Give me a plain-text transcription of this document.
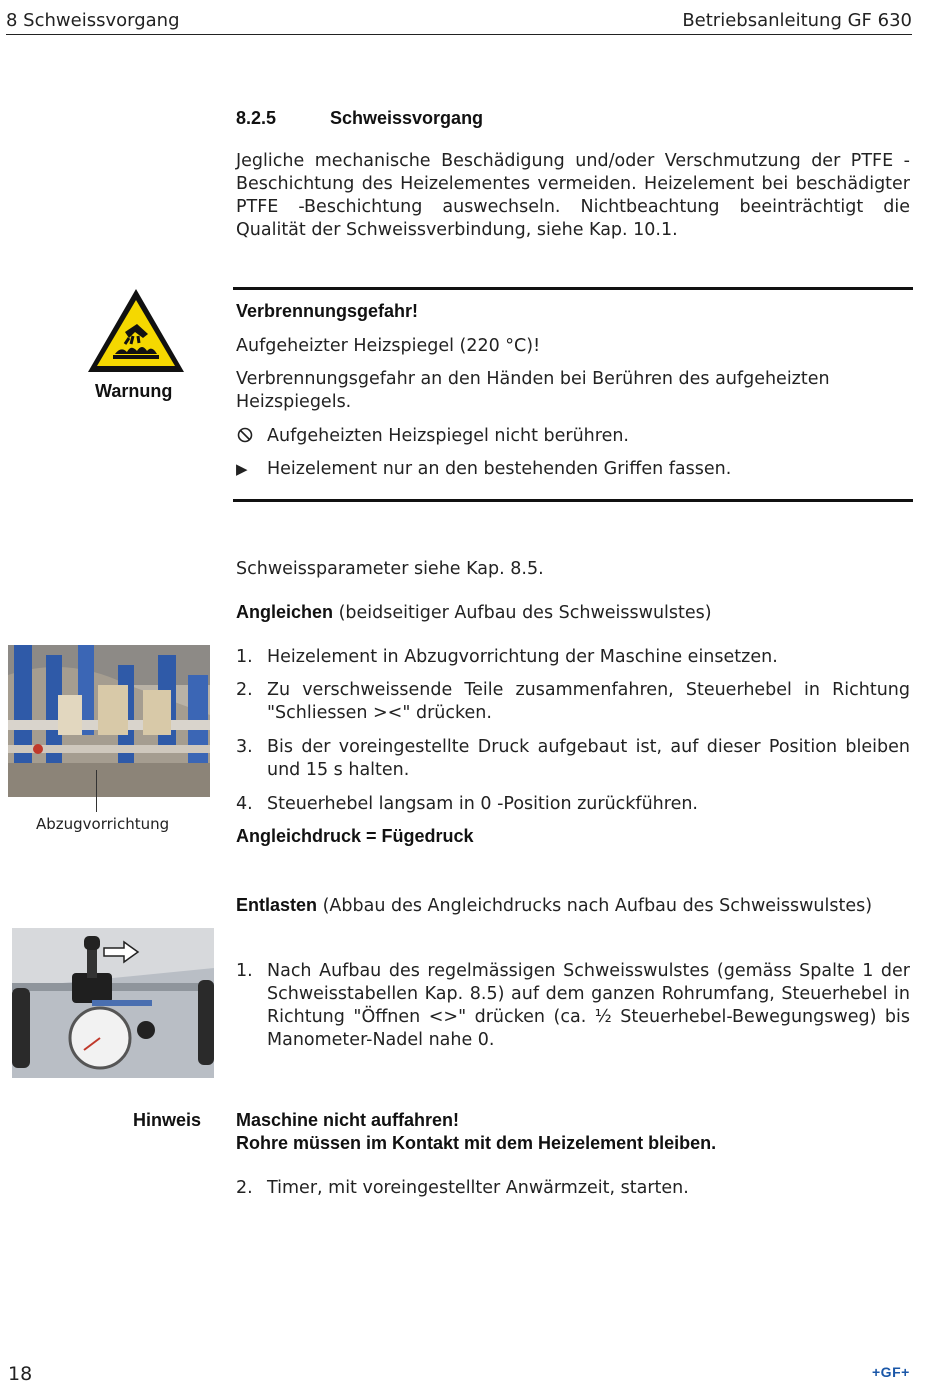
8 Schweissvorgang	Betriebsanleitung GF 630
8.2.5	Schweissvorgang
Jegliche mechanische Beschädigung und/oder Verschmutzung der PTFE -Beschichtung des Heizelementes vermeiden. Heizelement bei beschädigter PTFE -Beschichtung auswechseln. Nichtbeachtung beeinträchtigt die Qualität der Schweissverbindung, siehe Kap. 10.1.
Warnung
Verbrennungsgefahr!
Aufgeheizter Heizspiegel (220 °C)!
Verbrennungsgefahr an den Händen bei Berühren des aufgeheizten Heizspiegels.
Aufgeheizten Heizspiegel nicht berühren.
▶ Heizelement nur an den bestehenden Griffen fassen.
Schweissparameter siehe Kap. 8.5.
Angleichen (beidseitiger Aufbau des Schweisswulstes)
Abzugvorrichtung
1. Heizelement in Abzugvorrichtung der Maschine einsetzen.
2. Zu verschweissende Teile zusammenfahren, Steuerhebel in Richtung "Schliessen ><" drücken.
3. Bis der voreingestellte Druck aufgebaut ist, auf dieser Position bleiben und 15 s halten.
4. Steuerhebel langsam in 0 -Position zurückführen.
Angleichdruck = Fügedruck
Entlasten (Abbau des Angleichdrucks nach Aufbau des Schweisswulstes)
1. Nach Aufbau des regelmässigen Schweisswulstes (gemäss Spalte 1 der Schweisstabellen Kap. 8.5) auf dem ganzen Rohrumfang, Steuerhebel in Richtung "Öffnen <>" drücken (ca. ½ Steuerhebel-Bewegungsweg) bis Manometer-Nadel nahe 0.
Hinweis Maschine nicht auffahren!
Rohre müssen im Kontakt mit dem Heizelement bleiben.
2. Timer, mit voreingestellter Anwärmzeit, starten.
18	+GF+
